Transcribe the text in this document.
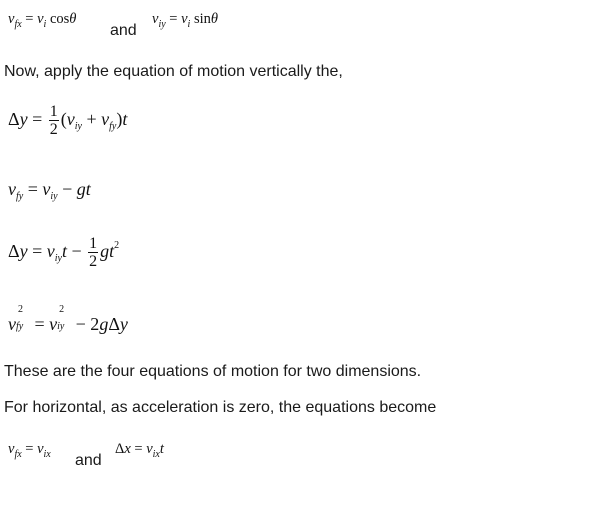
$v_{fx} = v_i$ cosθ
and
$v_{iy} = v_i$ sinθ
Now, apply the equation of motion vertically the,
$\Delta y = \frac{1}{2} (v_{iy} + v_{fy})t$
$v_{fy} = v_{iy}$ − gt
$\Delta y = v_{iy}t - \frac{1}{2} gt^2$
v
2
fy = v
2
iy − 2gΔy
These are the four equations of motion for two dimensions.
For horizontal, as acceleration is zero, the equations become
$v_{fx} = v_{ix}$ and
$\Delta x = v_{ix}t$
